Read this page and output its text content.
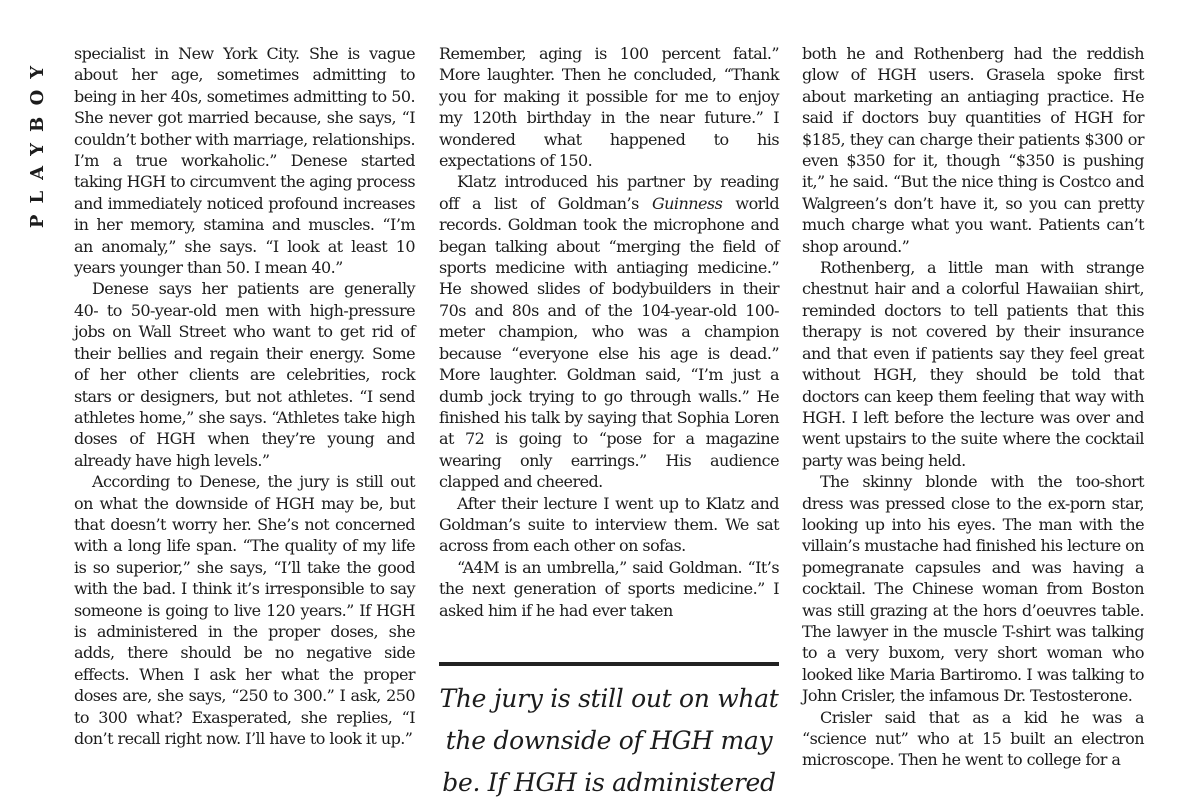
PLAYBOY

specialist in New York City. She is vague about her age, sometimes admitting to being in her 40s, sometimes admitting to 50. She never got married because, she says, “I couldn’t bother with marriage, relationships. I’m a true workaholic.” Denese started taking HGH to circumvent the aging process and immediately noticed profound increases in her memory, stamina and muscles. “I’m an anomaly,” she says. “I look at least 10 years younger than 50. I mean 40.”

Denese says her patients are generally 40- to 50-year-old men with high-pressure jobs on Wall Street who want to get rid of their bellies and regain their energy. Some of her other clients are celebrities, rock stars or designers, but not athletes. “I send athletes home,” she says. “Athletes take high doses of HGH when they’re young and already have high levels.”

According to Denese, the jury is still out on what the downside of HGH may be, but that doesn’t worry her. She’s not concerned with a long life span. “The quality of my life is so superior,” she says, “I’ll take the good with the bad. I think it’s irresponsible to say someone is going to live 120 years.” If HGH is administered in the proper doses, she adds, there should be no negative side effects. When I ask her what the proper doses are, she says, “250 to 300.” I ask, 250 to 300 what? Exasperated, she replies, “I don’t recall right now. I’ll have to look it up.”

Remember, aging is 100 percent fatal.” More laughter. Then he concluded, “Thank you for making it possible for me to enjoy my 120th birthday in the near future.” I wondered what happened to his expectations of 150.

Klatz introduced his partner by reading off a list of Goldman’s Guinness world records. Goldman took the microphone and began talking about “merging the field of sports medicine with antiaging medicine.” He showed slides of bodybuilders in their 70s and 80s and of the 104-year-old 100-meter champion, who was a champion because “everyone else his age is dead.” More laughter. Goldman said, “I’m just a dumb jock trying to go through walls.” He finished his talk by saying that Sophia Loren at 72 is going to “pose for a magazine wearing only earrings.” His audience clapped and cheered.

After their lecture I went up to Klatz and Goldman’s suite to interview them. We sat across from each other on sofas.

“A4M is an umbrella,” said Goldman. “It’s the next generation of sports medicine.” I asked him if he had ever taken

The jury is still out on what the downside of HGH may be. If HGH is administered

both he and Rothenberg had the reddish glow of HGH users. Grasela spoke first about marketing an antiaging practice. He said if doctors buy quantities of HGH for $185, they can charge their patients $300 or even $350 for it, though “$350 is pushing it,” he said. “But the nice thing is Costco and Walgreen’s don’t have it, so you can pretty much charge what you want. Patients can’t shop around.”

Rothenberg, a little man with strange chestnut hair and a colorful Hawaiian shirt, reminded doctors to tell patients that this therapy is not covered by their insurance and that even if patients say they feel great without HGH, they should be told that doctors can keep them feeling that way with HGH. I left before the lecture was over and went upstairs to the suite where the cocktail party was being held.

The skinny blonde with the too-short dress was pressed close to the ex-porn star, looking up into his eyes. The man with the villain’s mustache had finished his lecture on pomegranate capsules and was having a cocktail. The Chinese woman from Boston was still grazing at the hors d’oeuvres table. The lawyer in the muscle T-shirt was talking to a very buxom, very short woman who looked like Maria Bartiromo. I was talking to John Crisler, the infamous Dr. Testosterone.

Crisler said that as a kid he was a “science nut” who at 15 built an electron microscope. Then he went to college for a
